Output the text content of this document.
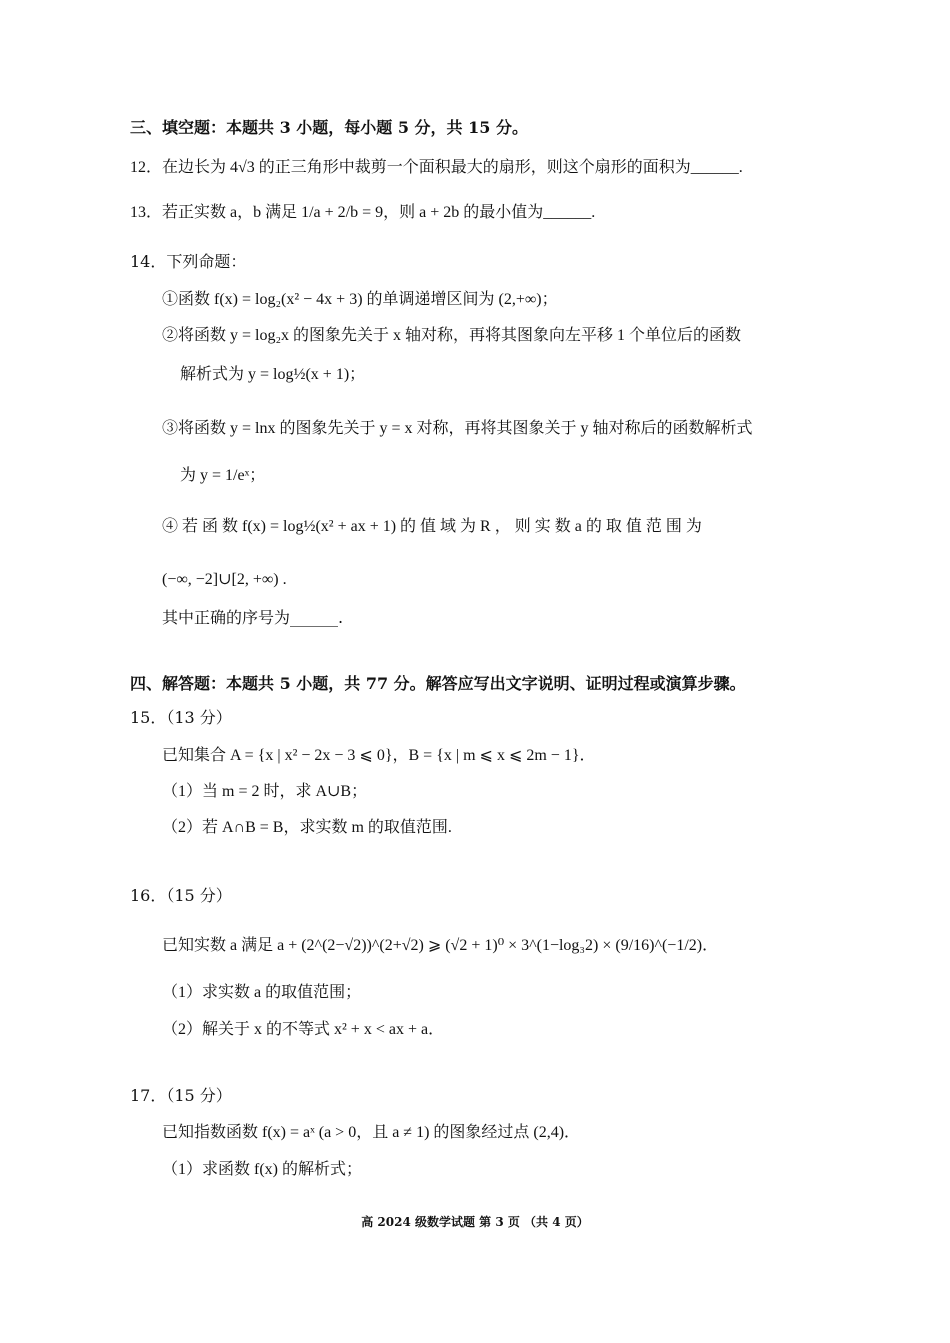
三、填空题：本题共 3 小题，每小题 5 分，共 15 分。
12．在边长为 4√3 的正三角形中裁剪一个面积最大的扇形，则这个扇形的面积为______.
13．若正实数 a，b 满足 1/a + 2/b = 9，则 a + 2b 的最小值为______.
14．下列命题：
①函数 f(x) = log₂(x² − 4x + 3) 的单调递增区间为 (2,+∞)；
②将函数 y = log₂x 的图象先关于 x 轴对称，再将其图象向左平移 1 个单位后的函数
解析式为 y = log½(x + 1)；
③将函数 y = lnx 的图象先关于 y = x 对称，再将其图象关于 y 轴对称后的函数解析式
为 y = 1/eˣ；
④ 若 函 数 f(x) = log½(x² + ax + 1) 的 值 域 为 R ， 则 实 数 a 的 取 值 范 围 为
(−∞, −2]∪[2, +∞) .
其中正确的序号为______.
四、解答题：本题共 5 小题，共 77 分。解答应写出文字说明、证明过程或演算步骤。
15．（13 分）
已知集合 A = {x | x² − 2x − 3 ⩽ 0}，B = {x | m ⩽ x ⩽ 2m − 1}．
（1）当 m = 2 时，求 A∪B；
（2）若 A∩B = B，求实数 m 的取值范围.
16．（15 分）
已知实数 a 满足 a + (2^(2−√2))^(2+√2) ⩾ (√2 + 1)⁰ × 3^(1−log₃2) × (9/16)^(−1/2)．
（1）求实数 a 的取值范围；
（2）解关于 x 的不等式 x² + x < ax + a．
17．（15 分）
已知指数函数 f(x) = aˣ (a > 0，且 a ≠ 1) 的图象经过点 (2,4)．
（1）求函数 f(x) 的解析式；
高 2024 级数学试题 第 3 页 （共 4 页）
